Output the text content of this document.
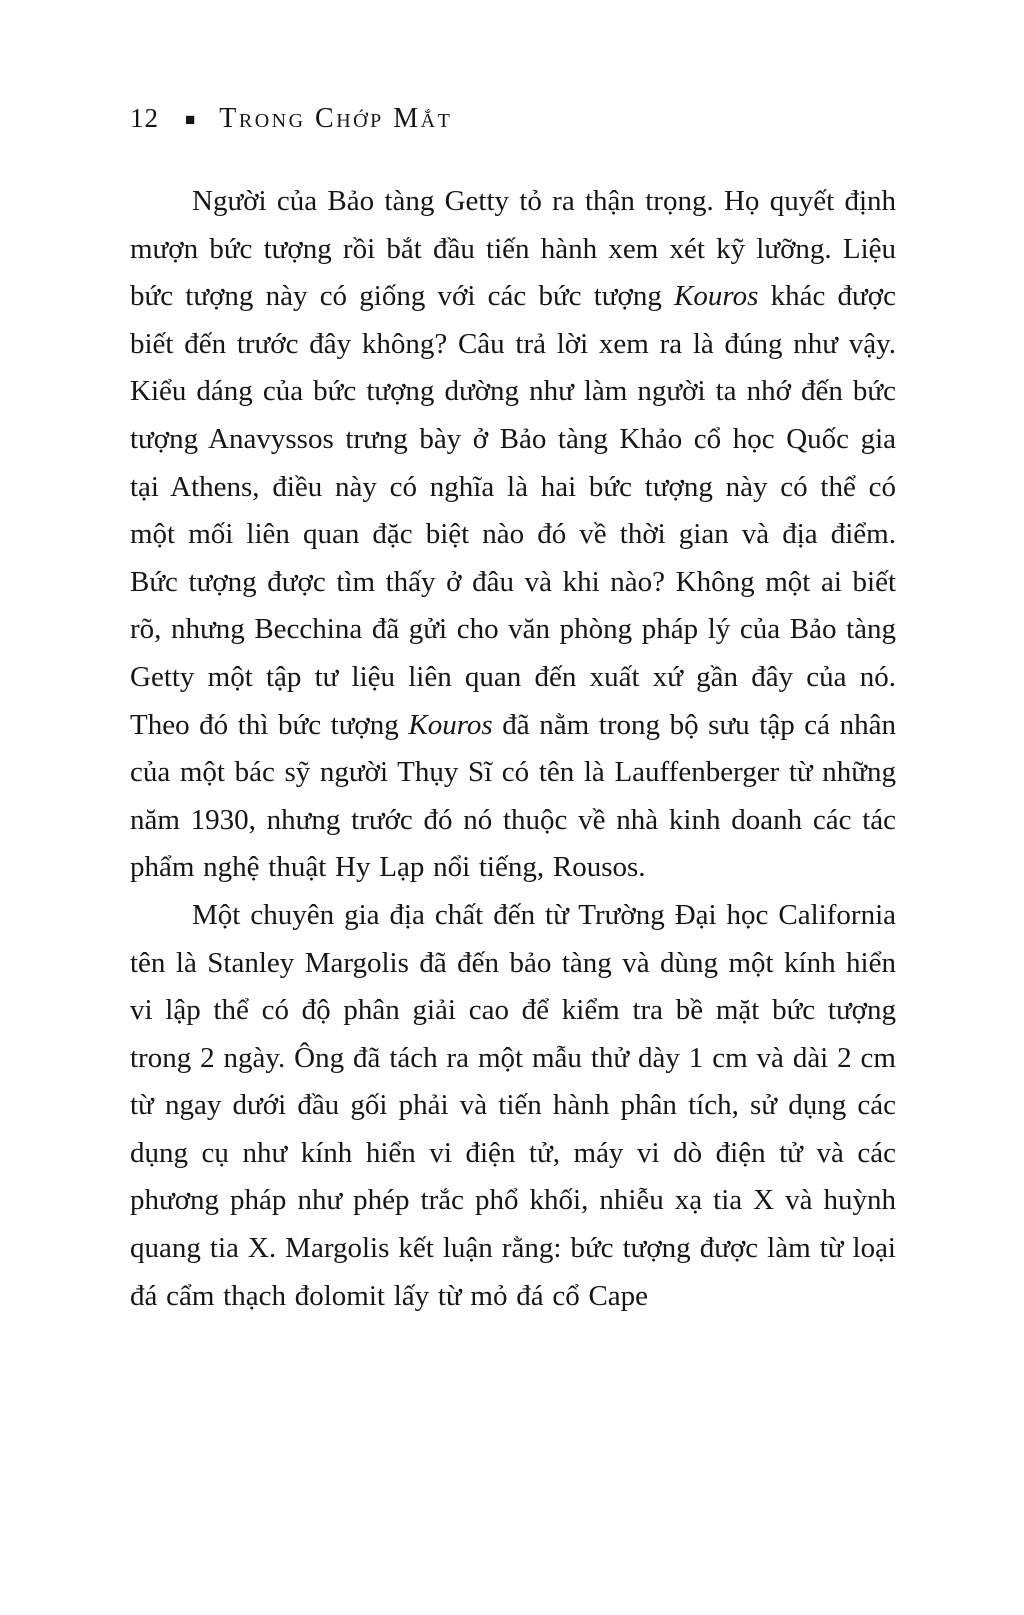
12 ■ Trong Chớp Mắt

Người của Bảo tàng Getty tỏ ra thận trọng. Họ quyết định mượn bức tượng rồi bắt đầu tiến hành xem xét kỹ lưỡng. Liệu bức tượng này có giống với các bức tượng Kouros khác được biết đến trước đây không? Câu trả lời xem ra là đúng như vậy. Kiểu dáng của bức tượng dường như làm người ta nhớ đến bức tượng Anavyssos trưng bày ở Bảo tàng Khảo cổ học Quốc gia tại Athens, điều này có nghĩa là hai bức tượng này có thể có một mối liên quan đặc biệt nào đó về thời gian và địa điểm. Bức tượng được tìm thấy ở đâu và khi nào? Không một ai biết rõ, nhưng Becchina đã gửi cho văn phòng pháp lý của Bảo tàng Getty một tập tư liệu liên quan đến xuất xứ gần đây của nó. Theo đó thì bức tượng Kouros đã nằm trong bộ sưu tập cá nhân của một bác sỹ người Thụy Sĩ có tên là Lauffenberger từ những năm 1930, nhưng trước đó nó thuộc về nhà kinh doanh các tác phẩm nghệ thuật Hy Lạp nổi tiếng, Rousos.

Một chuyên gia địa chất đến từ Trường Đại học California tên là Stanley Margolis đã đến bảo tàng và dùng một kính hiển vi lập thể có độ phân giải cao để kiểm tra bề mặt bức tượng trong 2 ngày. Ông đã tách ra một mẫu thử dày 1 cm và dài 2 cm từ ngay dưới đầu gối phải và tiến hành phân tích, sử dụng các dụng cụ như kính hiển vi điện tử, máy vi dò điện tử và các phương pháp như phép trắc phổ khối, nhiễu xạ tia X và huỳnh quang tia X. Margolis kết luận rằng: bức tượng được làm từ loại đá cẩm thạch đolomit lấy từ mỏ đá cổ Cape
